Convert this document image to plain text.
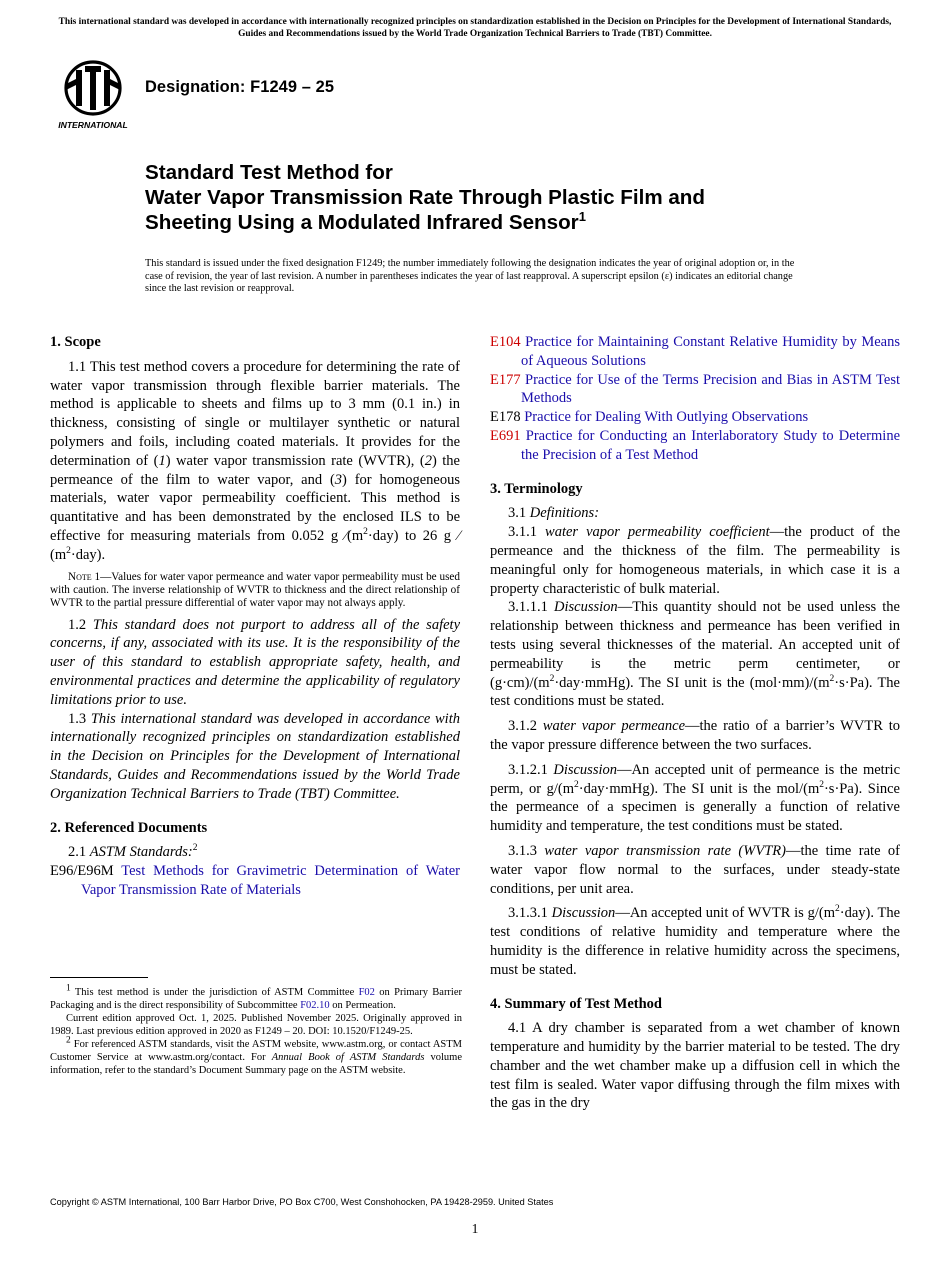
This international standard was developed in accordance with internationally recognized principles on standardization established in the Decision on Principles for the Development of International Standards, Guides and Recommendations issued by the World Trade Organization Technical Barriers to Trade (TBT) Committee.
INTERNATIONAL
Designation: F1249 – 25
Standard Test Method for
Water Vapor Transmission Rate Through Plastic Film and
Sheeting Using a Modulated Infrared Sensor$^1$
This standard is issued under the fixed designation F1249; the number immediately following the designation indicates the year of original adoption or, in the case of revision, the year of last revision. A number in parentheses indicates the year of last reapproval. A superscript epsilon (ε) indicates an editorial change since the last revision or reapproval.

1. Scope

1.1 This test method covers a procedure for determining the rate of water vapor transmission through flexible barrier materials. The method is applicable to sheets and films up to 3 mm (0.1 in.) in thickness, consisting of single or multilayer synthetic or natural polymers and foils, including coated materials. It provides for the determination of (1) water vapor transmission rate (WVTR), (2) the permeance of the film to water vapor, and (3) for homogeneous materials, water vapor permeability coefficient. This method is quantitative and has been demonstrated by the enclosed ILS to be effective for measuring materials from 0.052 g $⁄(m^2\cdot day)$ to 26 g $⁄(m^2\cdot day)$.

Note 1—Values for water vapor permeance and water vapor permeability must be used with caution. The inverse relationship of WVTR to thickness and the direct relationship of WVTR to the partial pressure differential of water vapor may not always apply.

1.2 This standard does not purport to address all of the safety concerns, if any, associated with its use. It is the responsibility of the user of this standard to establish appropriate safety, health, and environmental practices and determine the applicability of regulatory limitations prior to use.

1.3 This international standard was developed in accordance with internationally recognized principles on standardization established in the Decision on Principles for the Development of International Standards, Guides and Recommendations issued by the World Trade Organization Technical Barriers to Trade (TBT) Committee.

2. Referenced Documents

2.1 ASTM Standards:$^2$

E96/E96M Test Methods for Gravimetric Determination of Water Vapor Transmission Rate of Materials

E104 Practice for Maintaining Constant Relative Humidity by Means of Aqueous Solutions

E177 Practice for Use of the Terms Precision and Bias in ASTM Test Methods

E178 Practice for Dealing With Outlying Observations

E691 Practice for Conducting an Interlaboratory Study to Determine the Precision of a Test Method

3. Terminology

3.1 Definitions:

3.1.1 water vapor permeability coefficient—the product of the permeance and the thickness of the film. The permeability is meaningful only for homogeneous materials, in which case it is a property characteristic of bulk material.

3.1.1.1 Discussion—This quantity should not be used unless the relationship between thickness and permeance has been verified in tests using several thicknesses of the material. An accepted unit of permeability is the metric perm centimeter, or $(g\cdot cm)/(m^2\cdot day\cdot mmHg)$. The SI unit is the $(mol\cdot mm)/(m^2\cdot s\cdot Pa)$. The test conditions must be stated.

3.1.2 water vapor permeance—the ratio of a barrier’s WVTR to the vapor pressure difference between the two surfaces.

3.1.2.1 Discussion—An accepted unit of permeance is the metric perm, or $g/(m^2\cdot day\cdot mmHg)$. The SI unit is the mol/$(m^2\cdot s\cdot Pa)$. Since the permeance of a specimen is generally a function of relative humidity and temperature, the test conditions must be stated.

3.1.3 water vapor transmission rate (WVTR)—the time rate of water vapor flow normal to the surfaces, under steady-state conditions, per unit area.

3.1.3.1 Discussion—An accepted unit of WVTR is $g/(m^2\cdot day)$. The test conditions of relative humidity and temperature where the humidity is the difference in relative humidity across the specimens, must be stated.

4. Summary of Test Method

4.1 A dry chamber is separated from a wet chamber of known temperature and humidity by the barrier material to be tested. The dry chamber and the wet chamber make up a diffusion cell in which the test film is sealed. Water vapor diffusing through the film mixes with the gas in the dry

$^1$ This test method is under the jurisdiction of ASTM Committee F02 on Primary Barrier Packaging and is the direct responsibility of Subcommittee F02.10 on Permeation.

Current edition approved Oct. 1, 2025. Published November 2025. Originally approved in 1989. Last previous edition approved in 2020 as F1249 – 20. DOI: 10.1520/F1249-25.

$^2$ For referenced ASTM standards, visit the ASTM website, www.astm.org, or contact ASTM Customer Service at www.astm.org/contact. For Annual Book of ASTM Standards volume information, refer to the standard’s Document Summary page on the ASTM website.

Copyright © ASTM International, 100 Barr Harbor Drive, PO Box C700, West Conshohocken, PA 19428-2959. United States
1
